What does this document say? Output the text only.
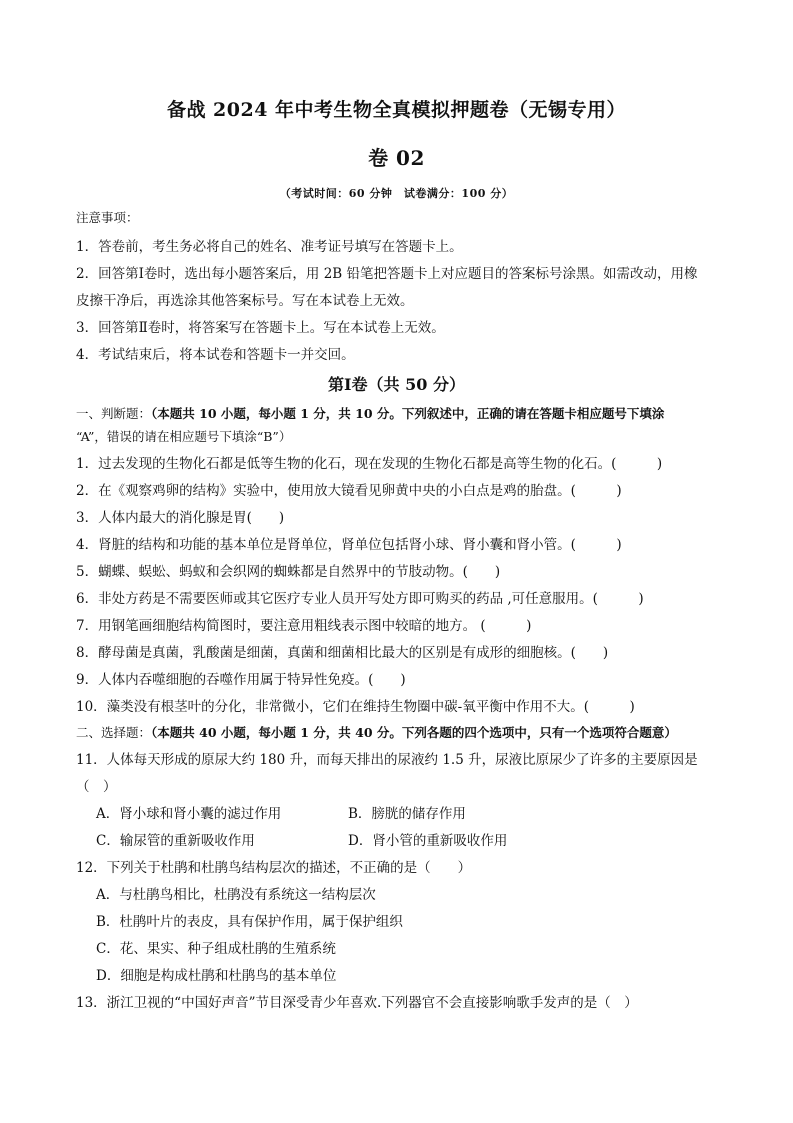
备战 2024 年中考生物全真模拟押题卷（无锡专用）
卷 02
（考试时间：60 分钟　试卷满分：100 分）
注意事项：
1．答卷前，考生务必将自己的姓名、准考证号填写在答题卡上。
2．回答第Ⅰ卷时，选出每小题答案后，用 2B 铅笔把答题卡上对应题目的答案标号涂黑。如需改动，用橡
皮擦干净后，再选涂其他答案标号。写在本试卷上无效。
3．回答第Ⅱ卷时，将答案写在答题卡上。写在本试卷上无效。
4．考试结束后，将本试卷和答题卡一并交回。
第Ⅰ卷（共 50 分）
一、判断题：（本题共 10 小题，每小题 1 分，共 10 分。下列叙述中，正确的请在答题卡相应题号下填涂
“A”，错误的请在相应题号下填涂“B”）
1．过去发现的生物化石都是低等生物的化石，现在发现的生物化石都是高等生物的化石。(　　　)
2．在《观察鸡卵的结构》实验中，使用放大镜看见卵黄中央的小白点是鸡的胎盘。(　　　)
3．人体内最大的消化腺是胃(　　)
4．肾脏的结构和功能的基本单位是肾单位，肾单位包括肾小球、肾小囊和肾小管。(　　　)
5．蝴蝶、蜈蚣、蚂蚁和会织网的蜘蛛都是自然界中的节肢动物。(　　)
6．非处方药是不需要医师或其它医疗专业人员开写处方即可购买的药品 ,可任意服用。(　　　)
7．用钢笔画细胞结构简图时，要注意用粗线表示图中较暗的地方。 (　　　)
8．酵母菌是真菌，乳酸菌是细菌，真菌和细菌相比最大的区别是有成形的细胞核。(　　)
9．人体内吞噬细胞的吞噬作用属于特异性免疫。(　　)
10．藻类没有根茎叶的分化，非常微小，它们在维持生物圈中碳-氧平衡中作用不大。(　　　)
二、选择题：（本题共 40 小题，每小题 1 分，共 40 分。下列各题的四个选项中，只有一个选项符合题意）
11．人体每天形成的原尿大约 180 升，而每天排出的尿液约 1.5 升，尿液比原尿少了许多的主要原因是
（　）
A．肾小球和肾小囊的滤过作用	B．膀胱的储存作用
C．输尿管的重新吸收作用	D．肾小管的重新吸收作用
12．下列关于杜鹃和杜鹃鸟结构层次的描述，不正确的是（　　）
A．与杜鹃鸟相比，杜鹃没有系统这一结构层次
B．杜鹃叶片的表皮，具有保护作用，属于保护组织
C．花、果实、种子组成杜鹃的生殖系统
D．细胞是构成杜鹃和杜鹃鸟的基本单位
13．浙江卫视的“中国好声音”节目深受青少年喜欢.下列器官不会直接影响歌手发声的是（　）
